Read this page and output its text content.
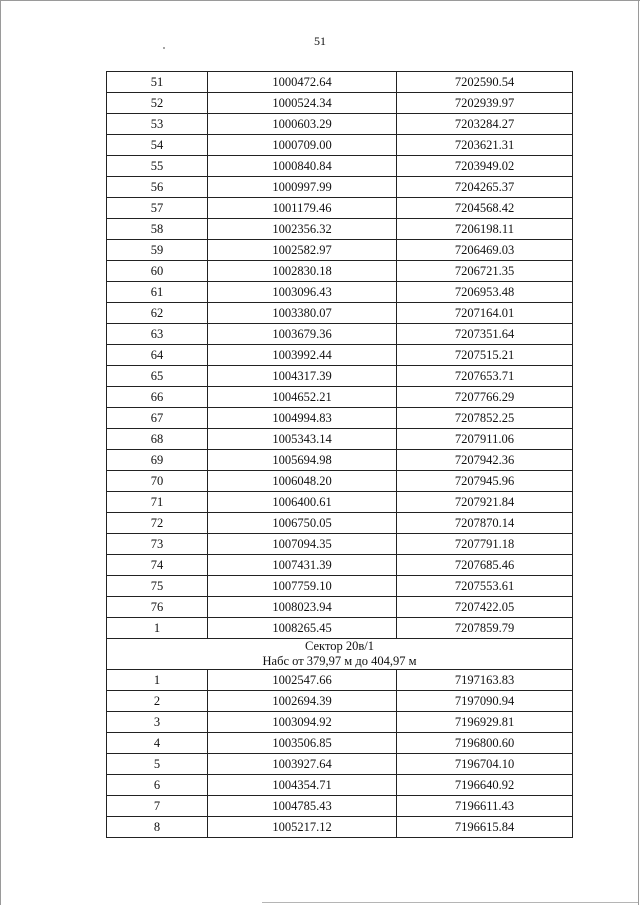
51
51	1000472.64	7202590.54
52	1000524.34	7202939.97
53	1000603.29	7203284.27
54	1000709.00	7203621.31
55	1000840.84	7203949.02
56	1000997.99	7204265.37
57	1001179.46	7204568.42
58	1002356.32	7206198.11
59	1002582.97	7206469.03
60	1002830.18	7206721.35
61	1003096.43	7206953.48
62	1003380.07	7207164.01
63	1003679.36	7207351.64
64	1003992.44	7207515.21
65	1004317.39	7207653.71
66	1004652.21	7207766.29
67	1004994.83	7207852.25
68	1005343.14	7207911.06
69	1005694.98	7207942.36
70	1006048.20	7207945.96
71	1006400.61	7207921.84
72	1006750.05	7207870.14
73	1007094.35	7207791.18
74	1007431.39	7207685.46
75	1007759.10	7207553.61
76	1008023.94	7207422.05
1	1008265.45	7207859.79

Сектор 20в/1
Набс от 379,97 м до 404,97 м		

1	1002547.66	7197163.83
2	1002694.39	7197090.94
3	1003094.92	7196929.81
4	1003506.85	7196800.60
5	1003927.64	7196704.10
6	1004354.71	7196640.92
7	1004785.43	7196611.43
8	1005217.12	7196615.84
